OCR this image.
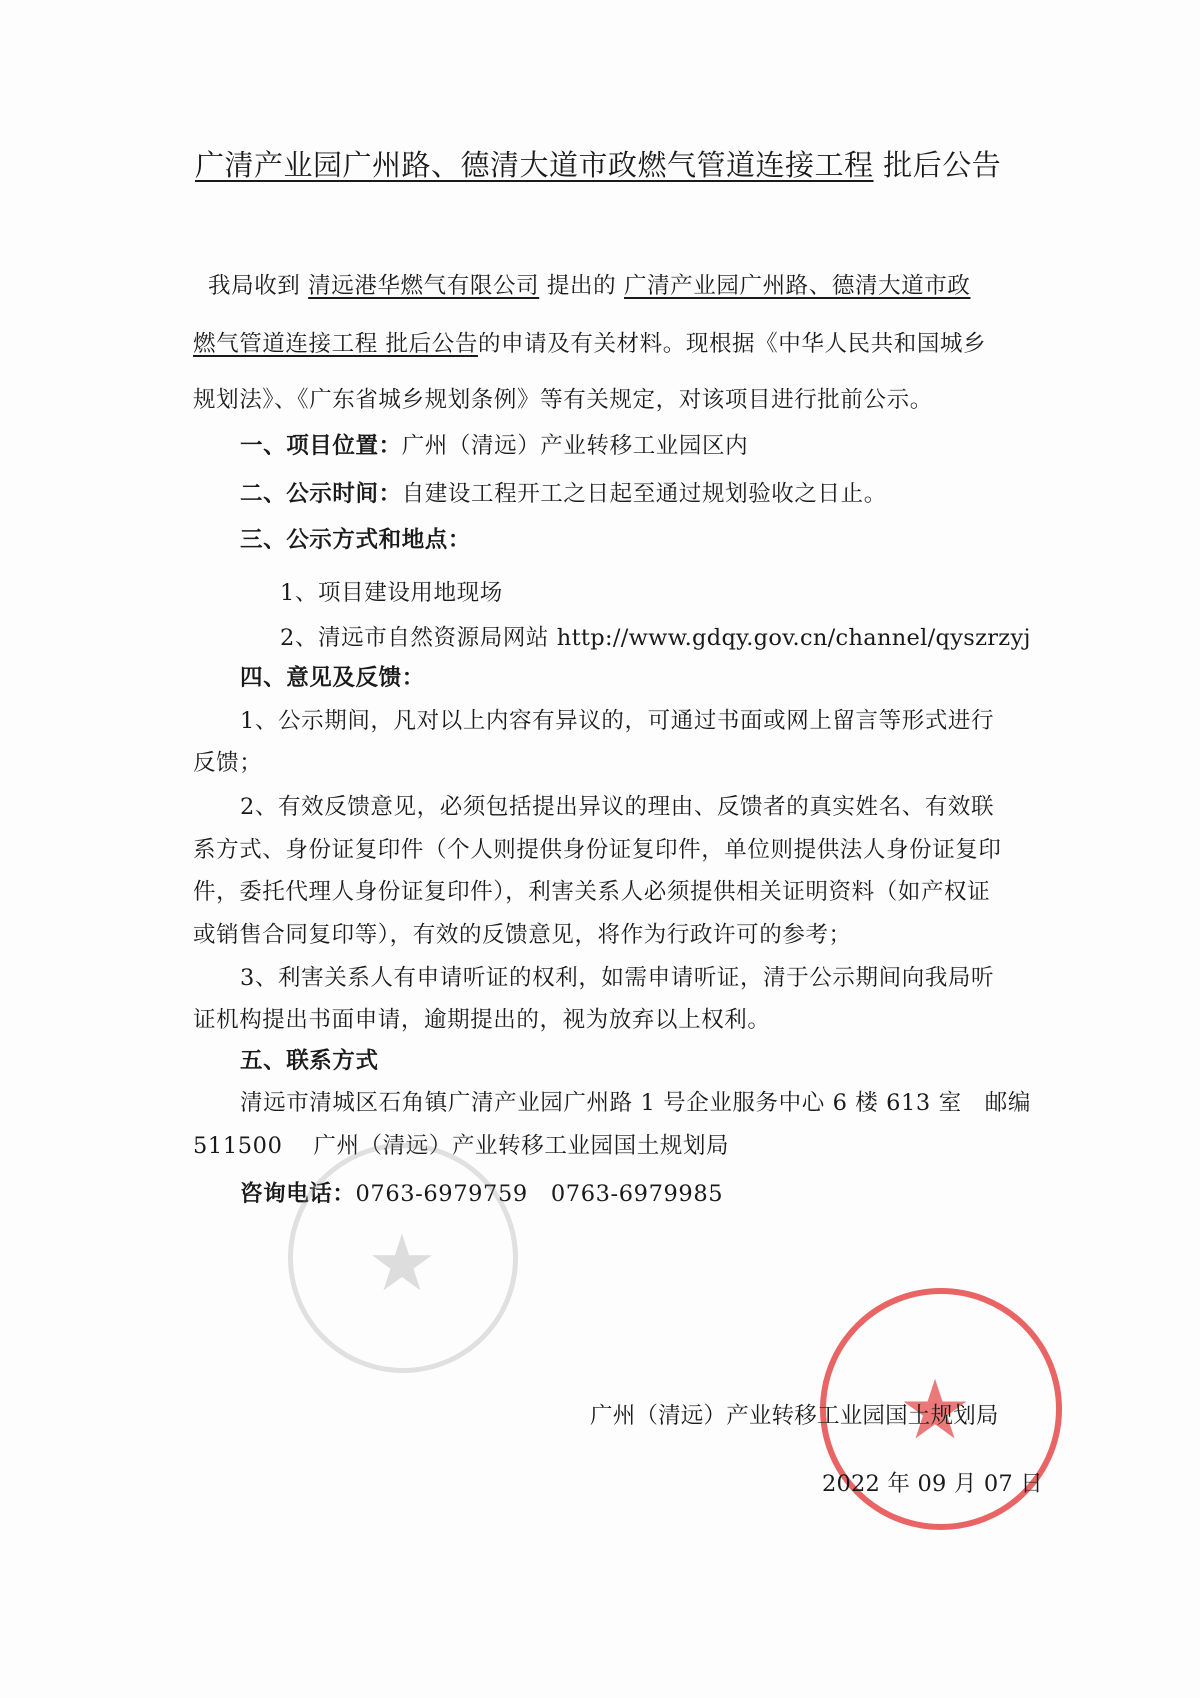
广清产业园广州路、德清大道市政燃气管道连接工程 批后公告
我局收到 清远港华燃气有限公司 提出的 广清产业园广州路、德清大道市政
燃气管道连接工程 批后公告的申请及有关材料。现根据《中华人民共和国城乡
规划法》、《广东省城乡规划条例》等有关规定，对该项目进行批前公示。
一、项目位置：广州（清远）产业转移工业园区内
二、公示时间：自建设工程开工之日起至通过规划验收之日止。
三、公示方式和地点：
1、项目建设用地现场
2、清远市自然资源局网站 http://www.gdqy.gov.cn/channel/qyszrzyj
四、意见及反馈：
1、公示期间，凡对以上内容有异议的，可通过书面或网上留言等形式进行
反馈；
2、有效反馈意见，必须包括提出异议的理由、反馈者的真实姓名、有效联
系方式、身份证复印件（个人则提供身份证复印件，单位则提供法人身份证复印
件，委托代理人身份证复印件），利害关系人必须提供相关证明资料（如产权证
或销售合同复印等），有效的反馈意见，将作为行政许可的参考；
3、利害关系人有申请听证的权利，如需申请听证，清于公示期间向我局听
证机构提出书面申请，逾期提出的，视为放弃以上权利。
五、联系方式
清远市清城区石角镇广清产业园广州路 1 号企业服务中心 6 楼 613 室　邮编
511500　 广州（清远）产业转移工业园国土规划局
咨询电话：0763-6979759　0763-6979985
★
★
广州（清远）产业转移工业园国土规划局
2022 年 09 月 07 日
